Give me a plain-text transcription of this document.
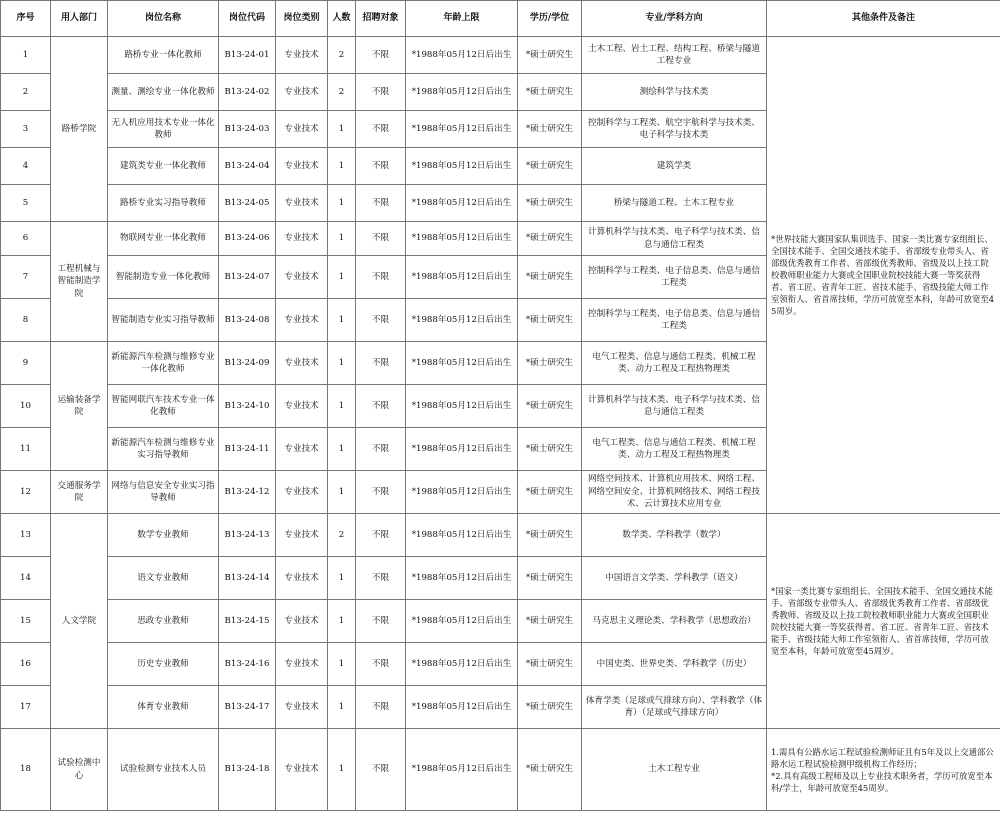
序号	用人部门	岗位名称	岗位代码	岗位类别	人数	招聘对象	年龄上限	学历/学位	专业/学科方向	其他条件及备注
1	路桥学院	路桥专业一体化教师	B13-24-01	专业技术	2	不限	*1988年05月12日后出生	*硕士研究生	土木工程、岩土工程、结构工程、桥梁与隧道工程专业	*世界技能大赛国家队集训选手、国家一类比赛专家组组长、全国技术能手、全国交通技术能手、省部级专业带头人、省部级优秀教育工作者、省部级优秀教师、省级及以上技工院校教师职业能力大赛或全国职业院校技能大赛一等奖获得者、省工匠、省青年工匠、省技术能手、省级技能大师工作室领衔人、省首席技师，学历可放宽至本科，年龄可放宽至45周岁。
2		测量、测绘专业一体化教师	B13-24-02	专业技术	2	不限	*1988年05月12日后出生	*硕士研究生	测绘科学与技术类	
3		无人机应用技术专业一体化教师	B13-24-03	专业技术	1	不限	*1988年05月12日后出生	*硕士研究生	控制科学与工程类、航空宇航科学与技术类、电子科学与技术类	
4		建筑类专业一体化教师	B13-24-04	专业技术	1	不限	*1988年05月12日后出生	*硕士研究生	建筑学类	
5		路桥专业实习指导教师	B13-24-05	专业技术	1	不限	*1988年05月12日后出生	*硕士研究生	桥梁与隧道工程、土木工程专业	
6	工程机械与智能制造学院	物联网专业一体化教师	B13-24-06	专业技术	1	不限	*1988年05月12日后出生	*硕士研究生	计算机科学与技术类、电子科学与技术类、信息与通信工程类	
7		智能制造专业一体化教师	B13-24-07	专业技术	1	不限	*1988年05月12日后出生	*硕士研究生	控制科学与工程类、电子信息类、信息与通信工程类	
8		智能制造专业实习指导教师	B13-24-08	专业技术	1	不限	*1988年05月12日后出生	*硕士研究生	控制科学与工程类、电子信息类、信息与通信工程类	
9	运输装备学院	新能源汽车检测与维修专业一体化教师	B13-24-09	专业技术	1	不限	*1988年05月12日后出生	*硕士研究生	电气工程类、信息与通信工程类、机械工程类、动力工程及工程热物理类	
10		智能网联汽车技术专业一体化教师	B13-24-10	专业技术	1	不限	*1988年05月12日后出生	*硕士研究生	计算机科学与技术类、电子科学与技术类、信息与通信工程类	
11		新能源汽车检测与维修专业实习指导教师	B13-24-11	专业技术	1	不限	*1988年05月12日后出生	*硕士研究生	电气工程类、信息与通信工程类、机械工程类、动力工程及工程热物理类	
12	交通服务学院	网络与信息安全专业实习指导教师	B13-24-12	专业技术	1	不限	*1988年05月12日后出生	*硕士研究生	网络空间技术、计算机应用技术、网络工程、网络空间安全、计算机网络技术、网络工程技术、云计算技术应用专业	
13	人文学院	数学专业教师	B13-24-13	专业技术	2	不限	*1988年05月12日后出生	*硕士研究生	数学类、学科教学（数学）	*国家一类比赛专家组组长、全国技术能手、全国交通技术能手、省部级专业带头人、省部级优秀教育工作者、省部级优秀教师、省级及以上技工院校教师职业能力大赛或全国职业院校技能大赛一等奖获得者、省工匠、省青年工匠、省技术能手、省级技能大师工作室领衔人、省首席技师，学历可放宽至本科，年龄可放宽至45周岁。
14		语文专业教师	B13-24-14	专业技术	1	不限	*1988年05月12日后出生	*硕士研究生	中国语言文学类、学科教学（语文）	
15		思政专业教师	B13-24-15	专业技术	1	不限	*1988年05月12日后出生	*硕士研究生	马克思主义理论类、学科教学（思想政治）	
16		历史专业教师	B13-24-16	专业技术	1	不限	*1988年05月12日后出生	*硕士研究生	中国史类、世界史类、学科教学（历史）	
17		体育专业教师	B13-24-17	专业技术	1	不限	*1988年05月12日后出生	*硕士研究生	体育学类（足球或气排球方向）、学科教学（体育）（足球或气排球方向）	
18	试验检测中心	试验检测专业技术人员	B13-24-18	专业技术	1	不限	*1988年05月12日后出生	*硕士研究生	土木工程专业	1.需具有公路水运工程试验检测师证且有5年及以上交通部公路水运工程试验检测甲级机构工作经历；
*2.具有高级工程师及以上专业技术职务者，学历可放宽至本科/学士，年龄可放宽至45周岁。
